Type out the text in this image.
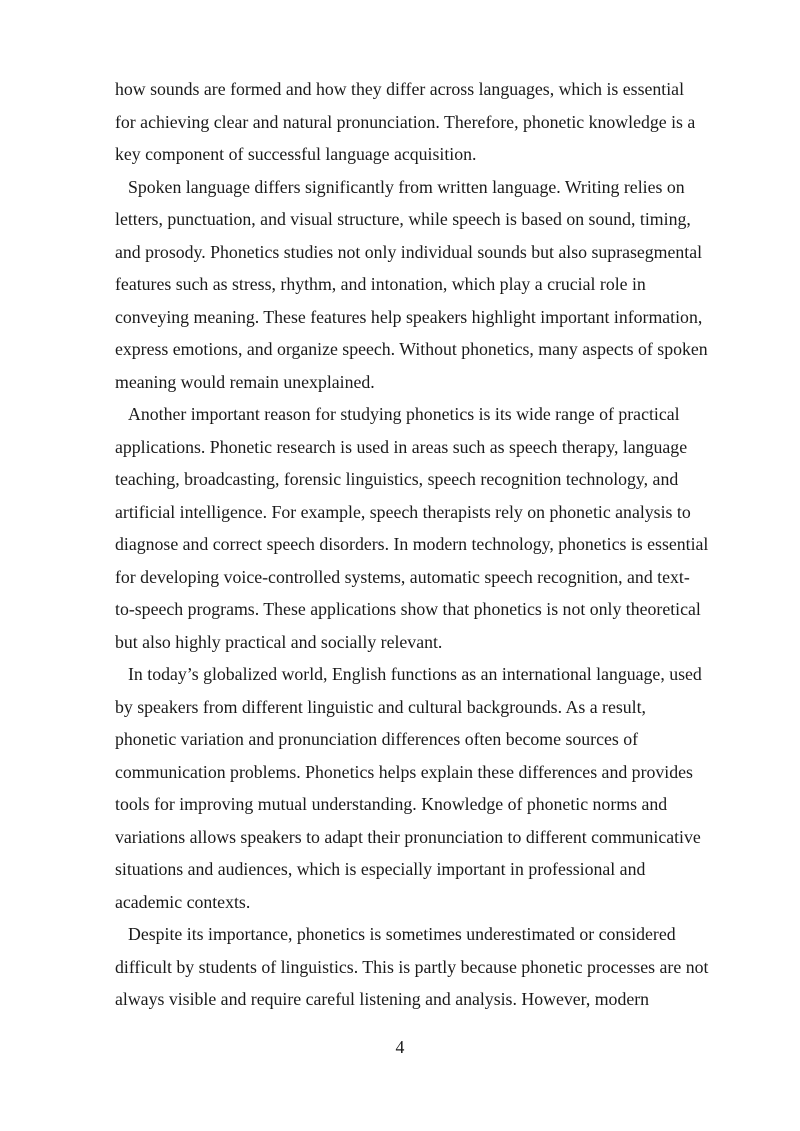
how sounds are formed and how they differ across languages, which is essential
for achieving clear and natural pronunciation. Therefore, phonetic knowledge is a
key component of successful language acquisition.
Spoken language differs significantly from written language. Writing relies on
letters, punctuation, and visual structure, while speech is based on sound, timing,
and prosody. Phonetics studies not only individual sounds but also suprasegmental
features such as stress, rhythm, and intonation, which play a crucial role in
conveying meaning. These features help speakers highlight important information,
express emotions, and organize speech. Without phonetics, many aspects of spoken
meaning would remain unexplained.
Another important reason for studying phonetics is its wide range of practical
applications. Phonetic research is used in areas such as speech therapy, language
teaching, broadcasting, forensic linguistics, speech recognition technology, and
artificial intelligence. For example, speech therapists rely on phonetic analysis to
diagnose and correct speech disorders. In modern technology, phonetics is essential
for developing voice-controlled systems, automatic speech recognition, and text-
to-speech programs. These applications show that phonetics is not only theoretical
but also highly practical and socially relevant.
In today’s globalized world, English functions as an international language, used
by speakers from different linguistic and cultural backgrounds. As a result,
phonetic variation and pronunciation differences often become sources of
communication problems. Phonetics helps explain these differences and provides
tools for improving mutual understanding. Knowledge of phonetic norms and
variations allows speakers to adapt their pronunciation to different communicative
situations and audiences, which is especially important in professional and
academic contexts.
Despite its importance, phonetics is sometimes underestimated or considered
difficult by students of linguistics. This is partly because phonetic processes are not
always visible and require careful listening and analysis. However, modern
4
